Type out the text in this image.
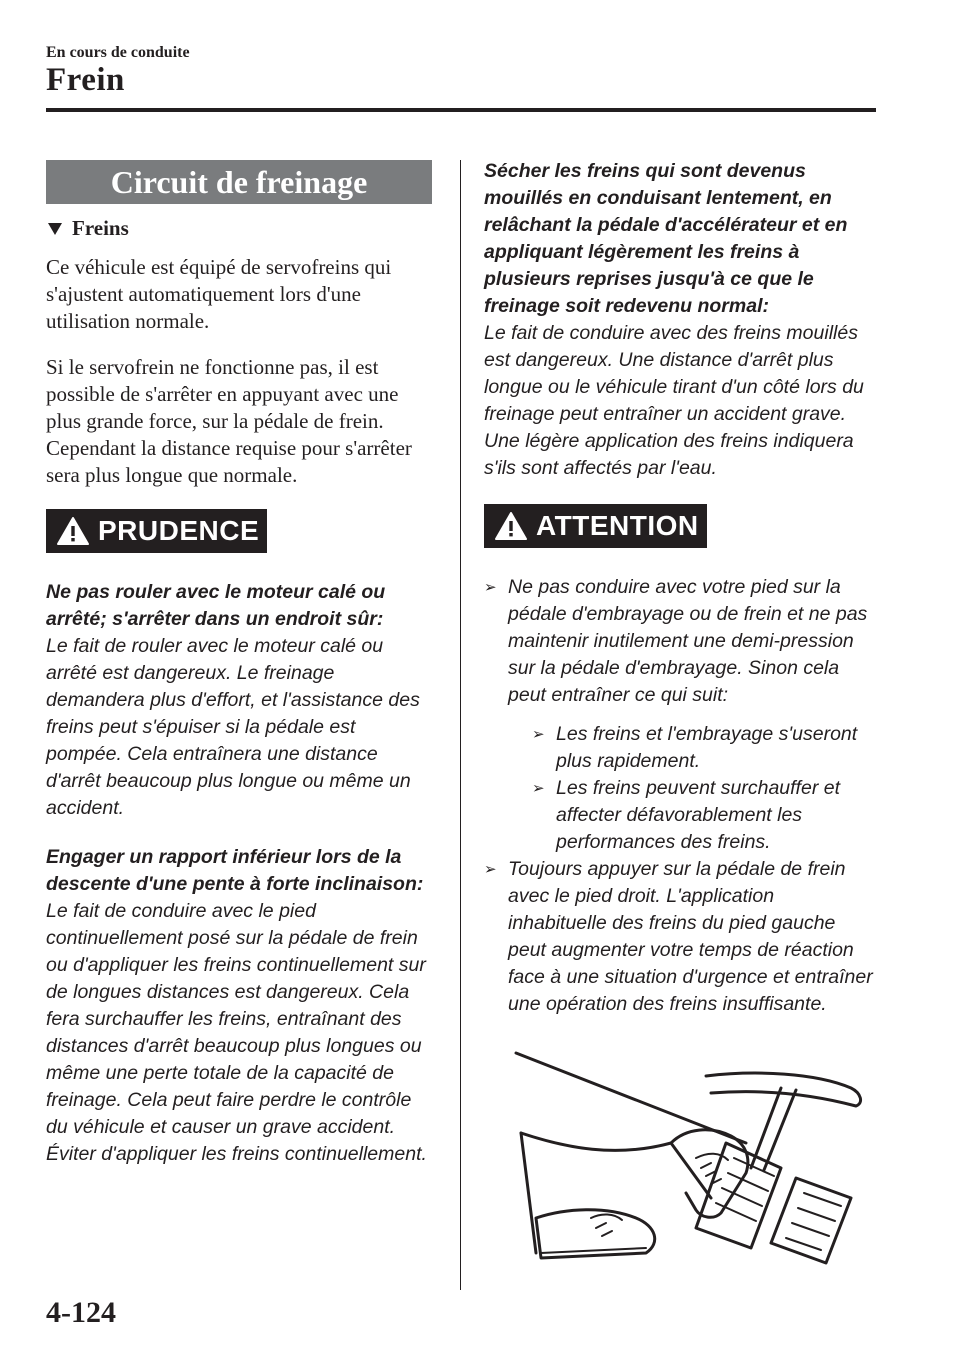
En cours de conduite
Frein
Circuit de freinage
Freins
Ce véhicule est équipé de servofreins qui s'ajustent automatiquement lors d'une utilisation normale.
Si le servofrein ne fonctionne pas, il est possible de s'arrêter en appuyant avec une plus grande force, sur la pédale de frein. Cependant la distance requise pour s'arrêter sera plus longue que normale.
PRUDENCE
Ne pas rouler avec le moteur calé ou arrêté; s'arrêter dans un endroit sûr:
Le fait de rouler avec le moteur calé ou arrêté est dangereux. Le freinage demandera plus d'effort, et l'assistance des freins peut s'épuiser si la pédale est pompée. Cela entraînera une distance d'arrêt beaucoup plus longue ou même un accident.
Engager un rapport inférieur lors de la descente d'une pente à forte inclinaison:
Le fait de conduire avec le pied continuellement posé sur la pédale de frein ou d'appliquer les freins continuellement sur de longues distances est dangereux. Cela fera surchauffer les freins, entraînant des distances d'arrêt beaucoup plus longues ou même une perte totale de la capacité de freinage. Cela peut faire perdre le contrôle du véhicule et causer un grave accident. Éviter d'appliquer les freins continuellement.
Sécher les freins qui sont devenus mouillés en conduisant lentement, en relâchant la pédale d'accélérateur et en appliquant légèrement les freins à plusieurs reprises jusqu'à ce que le freinage soit redevenu normal:
Le fait de conduire avec des freins mouillés est dangereux. Une distance d'arrêt plus longue ou le véhicule tirant d'un côté lors du freinage peut entraîner un accident grave. Une légère application des freins indiquera s'ils sont affectés par l'eau.
ATTENTION
➢ Ne pas conduire avec votre pied sur la pédale d'embrayage ou de frein et ne pas maintenir inutilement une demi-pression sur la pédale d'embrayage. Sinon cela peut entraîner ce qui suit:
➢ Les freins et l'embrayage s'useront plus rapidement.
➢ Les freins peuvent surchauffer et affecter défavorablement les performances des freins.
➢ Toujours appuyer sur la pédale de frein avec le pied droit. L'application inhabituelle des freins du pied gauche peut augmenter votre temps de réaction face à une situation d'urgence et entraîner une opération des freins insuffisante.
4-124
